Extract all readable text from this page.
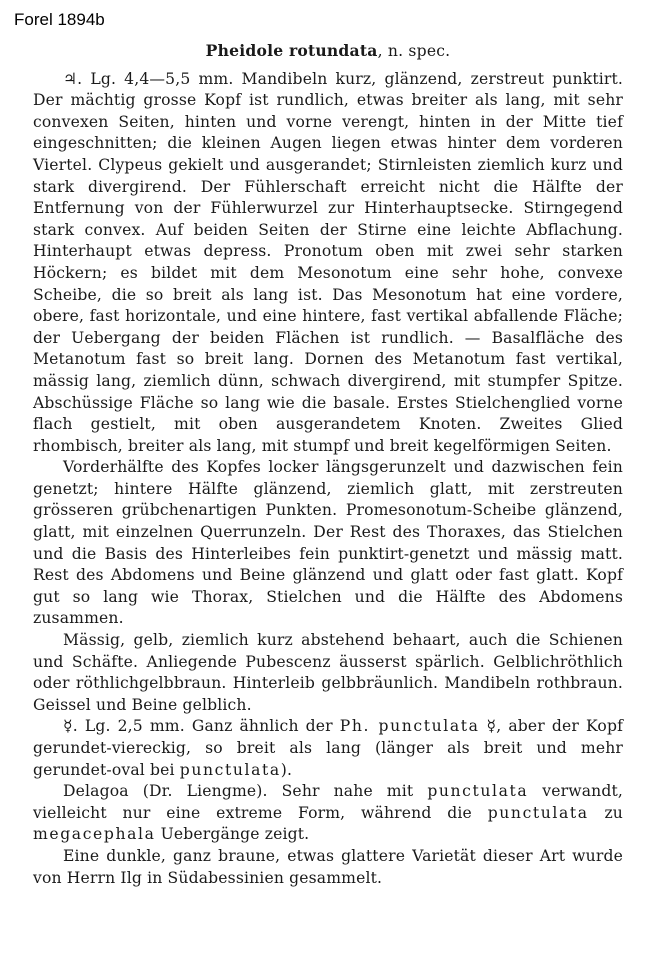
Forel 1894b
Pheidole rotundata, n. spec.

♃. Lg. 4,4—5,5 mm. Mandibeln kurz, glänzend, zerstreut punktirt. Der mächtig grosse Kopf ist rundlich, etwas breiter als lang, mit sehr convexen Seiten, hinten und vorne verengt, hinten in der Mitte tief eingeschnitten; die kleinen Augen liegen etwas hinter dem vorderen Viertel. Clypeus gekielt und ausgerandet; Stirnleisten ziemlich kurz und stark divergirend. Der Fühlerschaft erreicht nicht die Hälfte der Entfernung von der Fühlerwurzel zur Hinterhauptsecke. Stirngegend stark convex. Auf beiden Seiten der Stirne eine leichte Abflachung. Hinterhaupt etwas depress. Pronotum oben mit zwei sehr starken Höckern; es bildet mit dem Mesonotum eine sehr hohe, convexe Scheibe, die so breit als lang ist. Das Mesonotum hat eine vordere, obere, fast horizontale, und eine hintere, fast vertikal abfallende Fläche; der Uebergang der beiden Flächen ist rundlich. — Basalfläche des Metanotum fast so breit lang. Dornen des Metanotum fast vertikal, mässig lang, ziemlich dünn, schwach divergirend, mit stumpfer Spitze. Abschüssige Fläche so lang wie die basale. Erstes Stielchenglied vorne flach gestielt, mit oben ausgerandetem Knoten. Zweites Glied rhombisch, breiter als lang, mit stumpf und breit kegelförmigen Seiten.

Vorderhälfte des Kopfes locker längsgerunzelt und dazwischen fein genetzt; hintere Hälfte glänzend, ziemlich glatt, mit zerstreuten grösseren grübchenartigen Punkten. Promesonotum-Scheibe glänzend, glatt, mit einzelnen Querrunzeln. Der Rest des Thoraxes, das Stielchen und die Basis des Hinterleibes fein punktirt-genetzt und mässig matt. Rest des Abdomens und Beine glänzend und glatt oder fast glatt. Kopf gut so lang wie Thorax, Stielchen und die Hälfte des Abdomens zusammen.

Mässig, gelb, ziemlich kurz abstehend behaart, auch die Schienen und Schäfte. Anliegende Pubescenz äusserst spärlich. Gelblichröthlich oder röthlichgelbbraun. Hinterleib gelbbräunlich. Mandibeln rothbraun. Geissel und Beine gelblich.

☿. Lg. 2,5 mm. Ganz ähnlich der Ph. punctulata ☿, aber der Kopf gerundet-viereckig, so breit als lang (länger als breit und mehr gerundet-oval bei punctulata).

Delagoa (Dr. Liengme). Sehr nahe mit punctulata verwandt, vielleicht nur eine extreme Form, während die punctulata zu megacephala Uebergänge zeigt.

Eine dunkle, ganz braune, etwas glattere Varietät dieser Art wurde von Herrn Ilg in Südabessinien gesammelt.
